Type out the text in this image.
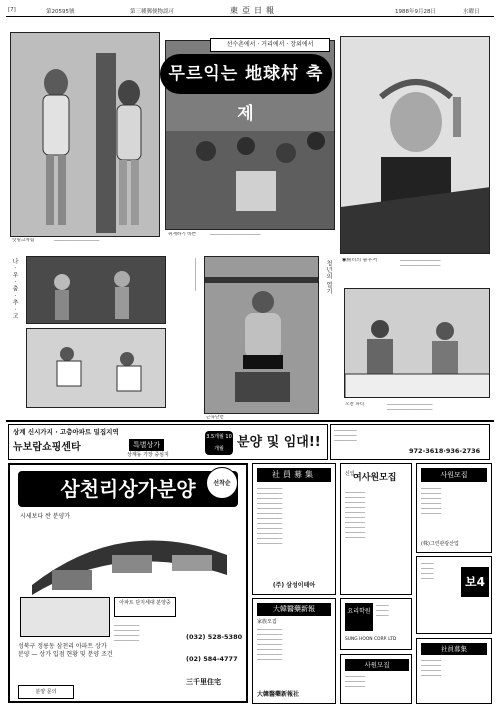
[7]	第20595號	第三種郵便物認可	東亞日報	1988年9月28日	水曜日
핫핑크차림	──────────────────
선수촌에서 · 거리에서 · 장외에서
무르익는 地球村 축제
취재하기 바쁜	────────────────────
◉勝리의 솔우저	────────────────
────────────────
나 · 우 · 춤 · 추 · 고	─────────────
근육단련
청년의 열기
오찬 파티	──────────────────
──────────────────
상계 신시가지 · 고층아파트 밀집지역
뉴보람쇼핑센타	특별상가
상계동 가장 중심지
3.5개월 10개월	분양 및 임대!!
─────────
─────────
─────────
972-3618·936-2736
삼천리상가분양	선착순
시세보다 싼 분양가
아파트 단지세대 분양중
성북구 정릉동 삼천리 아파트 상가 분양 — 상가 입점 현황 및 분양 조건
분양 문의
──────────
──────────
──────────
──────────	(032) 528-5380
(02) 584-4777
三千里住宅
社員募集
──────────
──────────
──────────
──────────
──────────
──────────
──────────
──────────
──────────
──────────
──────────
──────────
(주) 삼성이테아
신입
여사원모집
────────
────────
────────
────────
────────
────────
────────
────────
────────
────────
사원모집
────────
────────
────────
────────
────────
────────
(株)그린관광산업
大韓醫藥新報
家族모집
──────────
──────────
──────────
──────────
──────────
──────────
──────────
大韓醫藥新報社
요리학원
─────
─────
─────
SUNG HOON CORP. LTD
사원모집
────────
────────
────────
─────
─────
─────
─────	보4
社員募集
────────
────────
────────
────────
